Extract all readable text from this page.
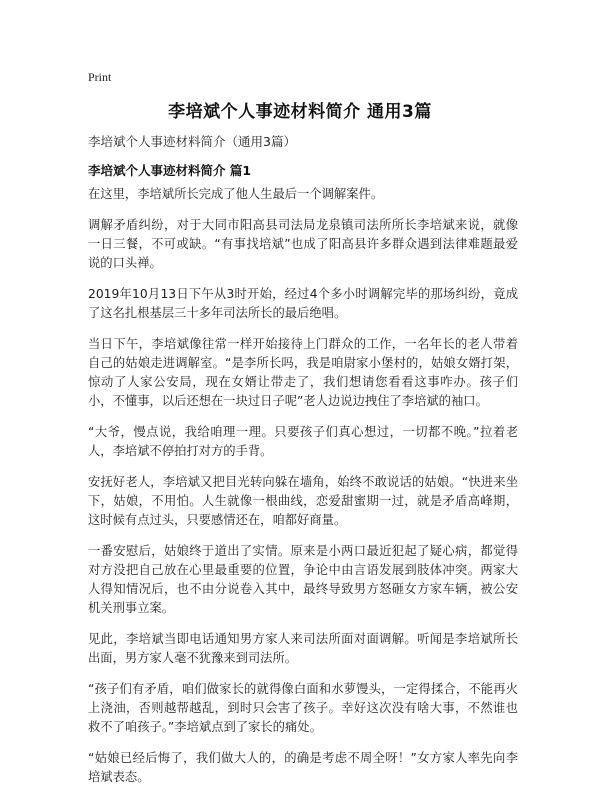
Print
李培斌个人事迹材料简介 通用3篇
李培斌个人事迹材料简介（通用3篇）
李培斌个人事迹材料简介 篇1

在这里，李培斌所长完成了他人生最后一个调解案件。

调解矛盾纠纷，对于大同市阳高县司法局龙泉镇司法所所长李培斌来说，就像一日三餐，不可或缺。“有事找培斌”也成了阳高县许多群众遇到法律难题最爱说的口头禅。

2019年10月13日下午从3时开始，经过4个多小时调解完毕的那场纠纷，竟成了这名扎根基层三十多年司法所长的最后绝唱。

当日下午，李培斌像往常一样开始接待上门群众的工作，一名年长的老人带着自己的姑娘走进调解室。“是李所长吗，我是咱尉家小堡村的，姑娘女婿打架，惊动了人家公安局，现在女婿让带走了，我们想请您看看这事咋办。孩子们小，不懂事，以后还想在一块过日子呢”老人边说边拽住了李培斌的袖口。

“大爷，慢点说，我给咱理一理。只要孩子们真心想过，一切都不晚。”拉着老人，李培斌不停拍打对方的手背。

安抚好老人，李培斌又把目光转向躲在墙角，始终不敢说话的姑娘。“快进来坐下，姑娘，不用怕。人生就像一根曲线，恋爱甜蜜期一过，就是矛盾高峰期，这时候有点过头，只要感情还在，咱都好商量。

一番安慰后，姑娘终于道出了实情。原来是小两口最近犯起了疑心病，都觉得对方没把自己放在心里最重要的位置，争论中由言语发展到肢体冲突。两家大人得知情况后，也不由分说卷入其中，最终导致男方怒砸女方家车辆，被公安机关刑事立案。

见此，李培斌当即电话通知男方家人来司法所面对面调解。听闻是李培斌所长出面，男方家人毫不犹豫来到司法所。

“孩子们有矛盾，咱们做家长的就得像白面和水萝馒头，一定得揉合，不能再火上浇油，否则越帮越乱，到时只会害了孩子。幸好这次没有啥大事，不然谁也救不了咱孩子。”李培斌点到了家长的痛处。

“姑娘已经后悔了，我们做大人的，的确是考虑不周全呀！”女方家人率先向李培斌表态。
